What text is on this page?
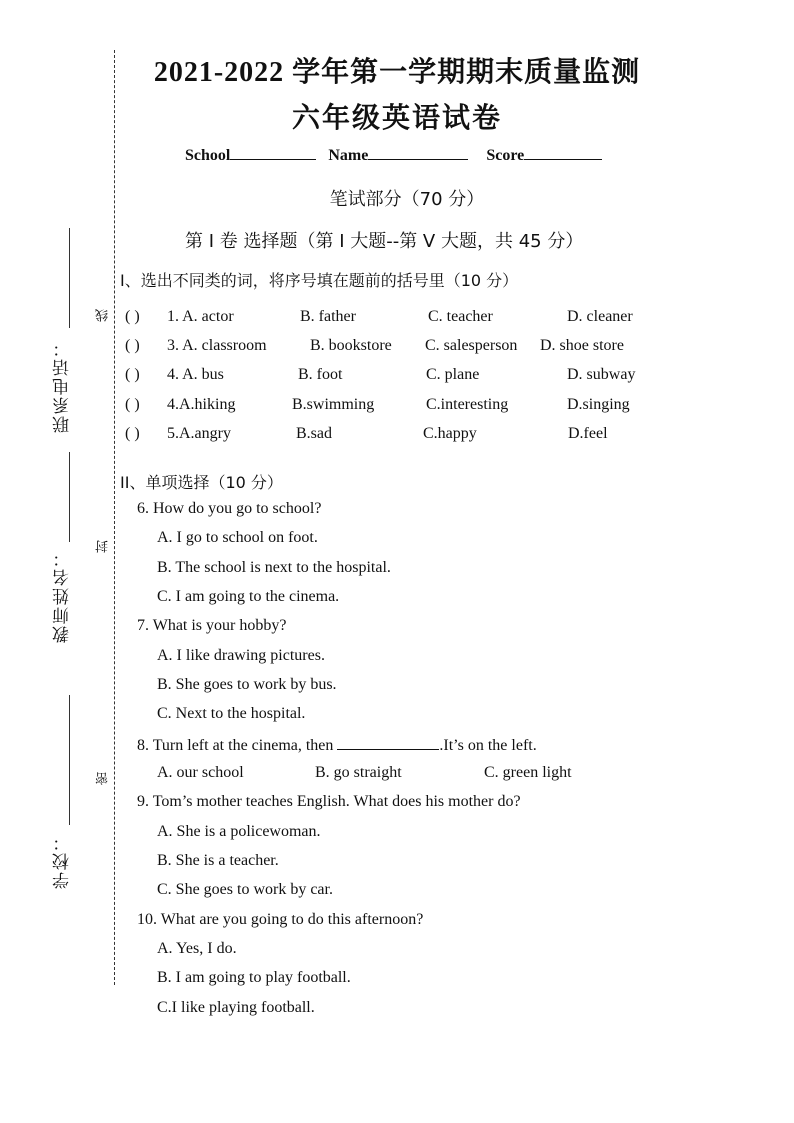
联系电话：
教师姓名：
学校：
线
封
密
2021-2022 学年第一学期期末质量监测
六年级英语试卷
School	Name	Score
笔试部分（70 分）
第 I 卷 选择题（第 I 大题--第 V 大题，共 45 分）
I、选出不同类的词，将序号填在题前的括号里（10 分）
( ) 1. A. actor	B. father	C. teacher	D. cleaner
( ) 3. A. classroom	B. bookstore C. salesperson D. shoe store
( ) 4. A. bus	B. foot	C. plane	D. subway
( ) 4.A.hiking	B.swimming	C.interesting	D.singing
( ) 5.A.angry	B.sad	C.happy	D.feel
II、单项选择（10 分）
6. How do you go to school?
A. I go to school on foot.
B. The school is next to the hospital.
C. I am going to the cinema.
7. What is your hobby?
A. I like drawing pictures.
B. She goes to work by bus.
C. Next to the hospital.
8. Turn left at the cinema, then	.It’s on the left.
A. our school	B. go straight	C. green light
9. Tom’s mother teaches English. What does his mother do?
A. She is a policewoman.
B. She is a teacher.
C. She goes to work by car.
10. What are you going to do this afternoon?
A. Yes, I do.
B. I am going to play football.
C.I like playing football.
